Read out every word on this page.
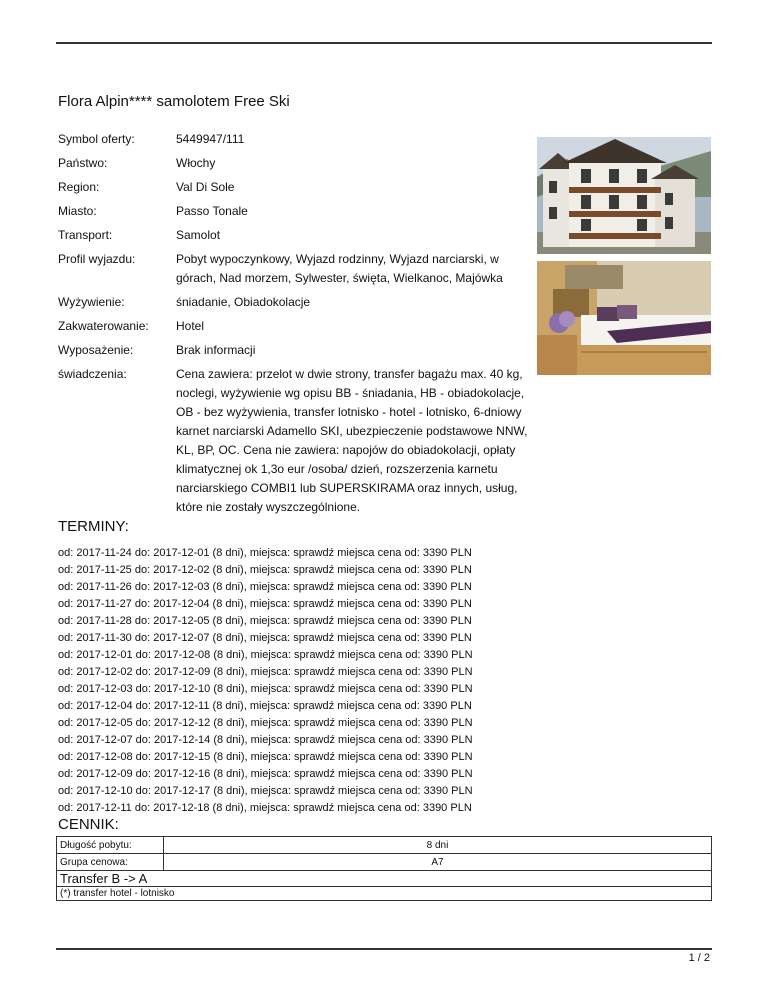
Flora Alpin**** samolotem Free Ski
Symbol oferty:	5449947/111
Państwo:	Włochy
Region:	Val Di Sole
Miasto:	Passo Tonale
Transport:	Samolot
Profil wyjazdu:	Pobyt wypoczynkowy, Wyjazd rodzinny, Wyjazd narciarski, w górach, Nad morzem, Sylwester, święta, Wielkanoc, Majówka
Wyżywienie:	śniadanie, Obiadokolacje
Zakwaterowanie:	Hotel
Wyposażenie:	Brak informacji
świadczenia:	Cena zawiera: przelot w dwie strony, transfer bagażu max. 40 kg, noclegi, wyżywienie wg opisu BB - śniadania, HB - obiadokolacje, OB - bez wyżywienia, transfer lotnisko - hotel - lotnisko, 6-dniowy karnet narciarski Adamello SKI, ubezpieczenie podstawowe NNW, KL, BP, OC. Cena nie zawiera: napojów do obiadokolacji, opłaty klimatycznej ok 1,3o eur /osoba/ dzień, rozszerzenia karnetu narciarskiego COMBI1 lub SUPERSKIRAMA oraz innych, usług, które nie zostały wyszczególnione.

TERMINY:
od: 2017-11-24 do: 2017-12-01 (8 dni), miejsca: sprawdź miejsca cena od: 3390 PLN
od: 2017-11-25 do: 2017-12-02 (8 dni), miejsca: sprawdź miejsca cena od: 3390 PLN
od: 2017-11-26 do: 2017-12-03 (8 dni), miejsca: sprawdź miejsca cena od: 3390 PLN
od: 2017-11-27 do: 2017-12-04 (8 dni), miejsca: sprawdź miejsca cena od: 3390 PLN
od: 2017-11-28 do: 2017-12-05 (8 dni), miejsca: sprawdź miejsca cena od: 3390 PLN
od: 2017-11-30 do: 2017-12-07 (8 dni), miejsca: sprawdź miejsca cena od: 3390 PLN
od: 2017-12-01 do: 2017-12-08 (8 dni), miejsca: sprawdź miejsca cena od: 3390 PLN
od: 2017-12-02 do: 2017-12-09 (8 dni), miejsca: sprawdź miejsca cena od: 3390 PLN
od: 2017-12-03 do: 2017-12-10 (8 dni), miejsca: sprawdź miejsca cena od: 3390 PLN
od: 2017-12-04 do: 2017-12-11 (8 dni), miejsca: sprawdź miejsca cena od: 3390 PLN
od: 2017-12-05 do: 2017-12-12 (8 dni), miejsca: sprawdź miejsca cena od: 3390 PLN
od: 2017-12-07 do: 2017-12-14 (8 dni), miejsca: sprawdź miejsca cena od: 3390 PLN
od: 2017-12-08 do: 2017-12-15 (8 dni), miejsca: sprawdź miejsca cena od: 3390 PLN
od: 2017-12-09 do: 2017-12-16 (8 dni), miejsca: sprawdź miejsca cena od: 3390 PLN
od: 2017-12-10 do: 2017-12-17 (8 dni), miejsca: sprawdź miejsca cena od: 3390 PLN
od: 2017-12-11 do: 2017-12-18 (8 dni), miejsca: sprawdź miejsca cena od: 3390 PLN
CENNIK:
Długość pobytu:	8 dni
Grupa cenowa:	A7
Transfer B -> A	
(*) transfer hotel - lotnisko	
1 / 2
